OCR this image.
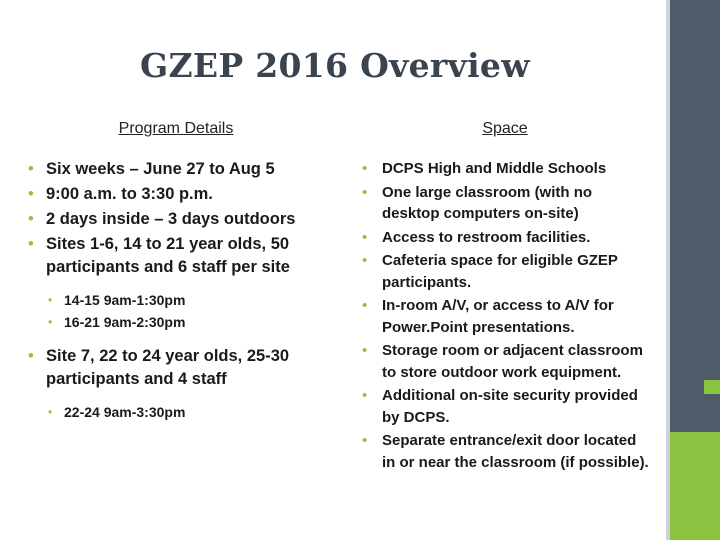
GZEP 2016 Overview
Program Details
• Six weeks – June 27 to Aug 5
• 9:00 a.m. to 3:30 p.m.
• 2 days inside – 3 days outdoors
• Sites 1-6, 14 to 21 year olds, 50 participants and 6 staff per site
• 14-15 9am-1:30pm
• 16-21 9am-2:30pm
• Site 7, 22 to 24 year olds, 25-30 participants and 4 staff
• 22-24 9am-3:30pm
Space
• DCPS High and Middle Schools
• One large classroom (with no desktop computers on-site)
• Access to restroom facilities.
• Cafeteria space for eligible GZEP participants.
• In-room A/V, or access to A/V for Power.Point presentations.
• Storage room or adjacent classroom to store outdoor work equipment.
• Additional on-site security provided by DCPS.
• Separate entrance/exit door located in or near the classroom (if possible).
